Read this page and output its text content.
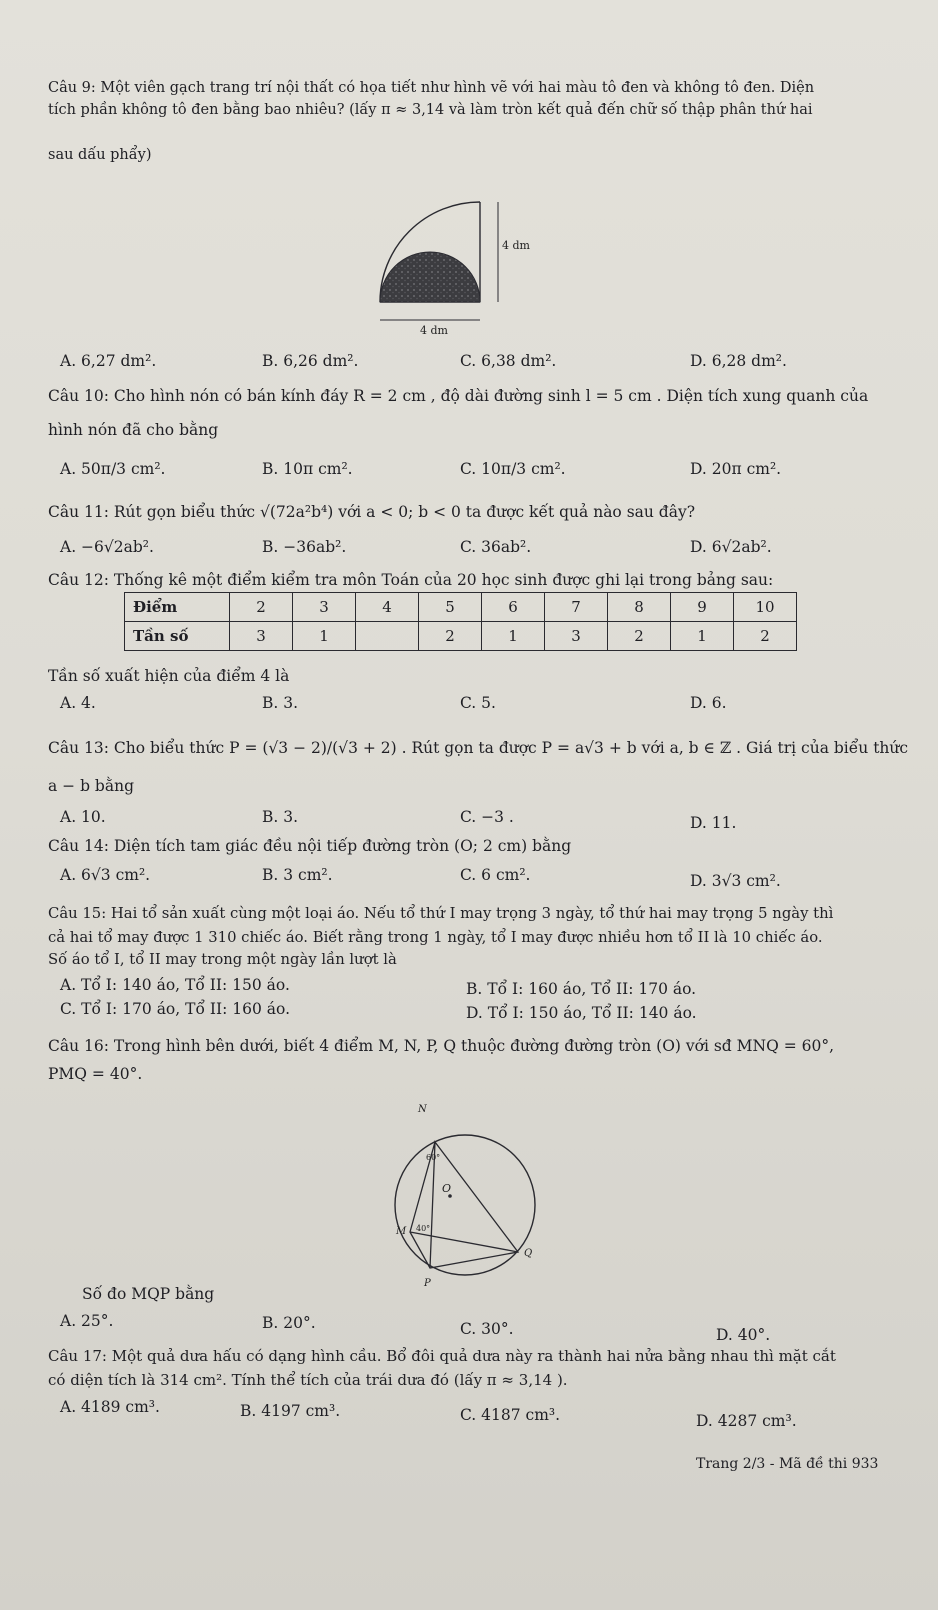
Câu 9: Một viên gạch trang trí nội thất có họa tiết như hình vẽ với hai màu tô đen và không tô đen. Diện
tích phần không tô đen bằng bao nhiêu? (lấy π ≈ 3,14 và làm tròn kết quả đến chữ số thập phân thứ hai
sau dấu phẩy)
4 dm
4 dm
A. 6,27 dm².	B. 6,26 dm².	C. 6,38 dm².	D. 6,28 dm².
Câu 10: Cho hình nón có bán kính đáy R = 2 cm , độ dài đường sinh l = 5 cm . Diện tích xung quanh của
hình nón đã cho bằng
A. 50π/3 cm².	B. 10π cm².	C. 10π/3 cm².	D. 20π cm².
Câu 11: Rút gọn biểu thức √(72a²b⁴) với a < 0; b < 0 ta được kết quả nào sau đây?
A. −6√2ab².	B. −36ab².	C. 36ab².	D. 6√2ab².
Câu 12: Thống kê một điểm kiểm tra môn Toán của 20 học sinh được ghi lại trong bảng sau:
Điểm	2	3	4	5	6	7	8	9	10
Tần số	3	1		2	1	3	2	1	2
Tần số xuất hiện của điểm 4 là
A. 4.	B. 3.	C. 5.	D. 6.
Câu 13: Cho biểu thức P = (√3 − 2)/(√3 + 2) . Rút gọn ta được P = a√3 + b với a, b ∈ ℤ . Giá trị của biểu thức
a − b bằng
A. 10.	B. 3.	C. −3 .	D. 11.
Câu 14: Diện tích tam giác đều nội tiếp đường tròn (O; 2 cm) bằng
A. 6√3 cm².	B. 3 cm².	C. 6 cm².	D. 3√3 cm².
Câu 15: Hai tổ sản xuất cùng một loại áo. Nếu tổ thứ I may trọng 3 ngày, tổ thứ hai may trọng 5 ngày thì
cả hai tổ may được 1 310 chiếc áo. Biết rằng trong 1 ngày, tổ I may được nhiều hơn tổ II là 10 chiếc áo.
Số áo tổ I, tổ II may trong một ngày lần lượt là
A. Tổ I: 140 áo, Tổ II: 150 áo.	B. Tổ I: 160 áo, Tổ II: 170 áo.
C. Tổ I: 170 áo, Tổ II: 160 áo.	D. Tổ I: 150 áo, Tổ II: 140 áo.
Câu 16: Trong hình bên dưới, biết 4 điểm M, N, P, Q thuộc đường đường tròn (O) với sđ MNQ = 60°,
PMQ = 40°.
N
60°
O
M 40°
Q
P
Số đo MQP bằng
A. 25°.	B. 20°.	C. 30°.	D. 40°.
Câu 17: Một quả dưa hấu có dạng hình cầu. Bổ đôi quả dưa này ra thành hai nửa bằng nhau thì mặt cắt
có diện tích là 314 cm². Tính thể tích của trái dưa đó (lấy π ≈ 3,14 ).
A. 4189 cm³.	B. 4197 cm³.	C. 4187 cm³.	D. 4287 cm³.
Trang 2/3 - Mã đề thi 933
